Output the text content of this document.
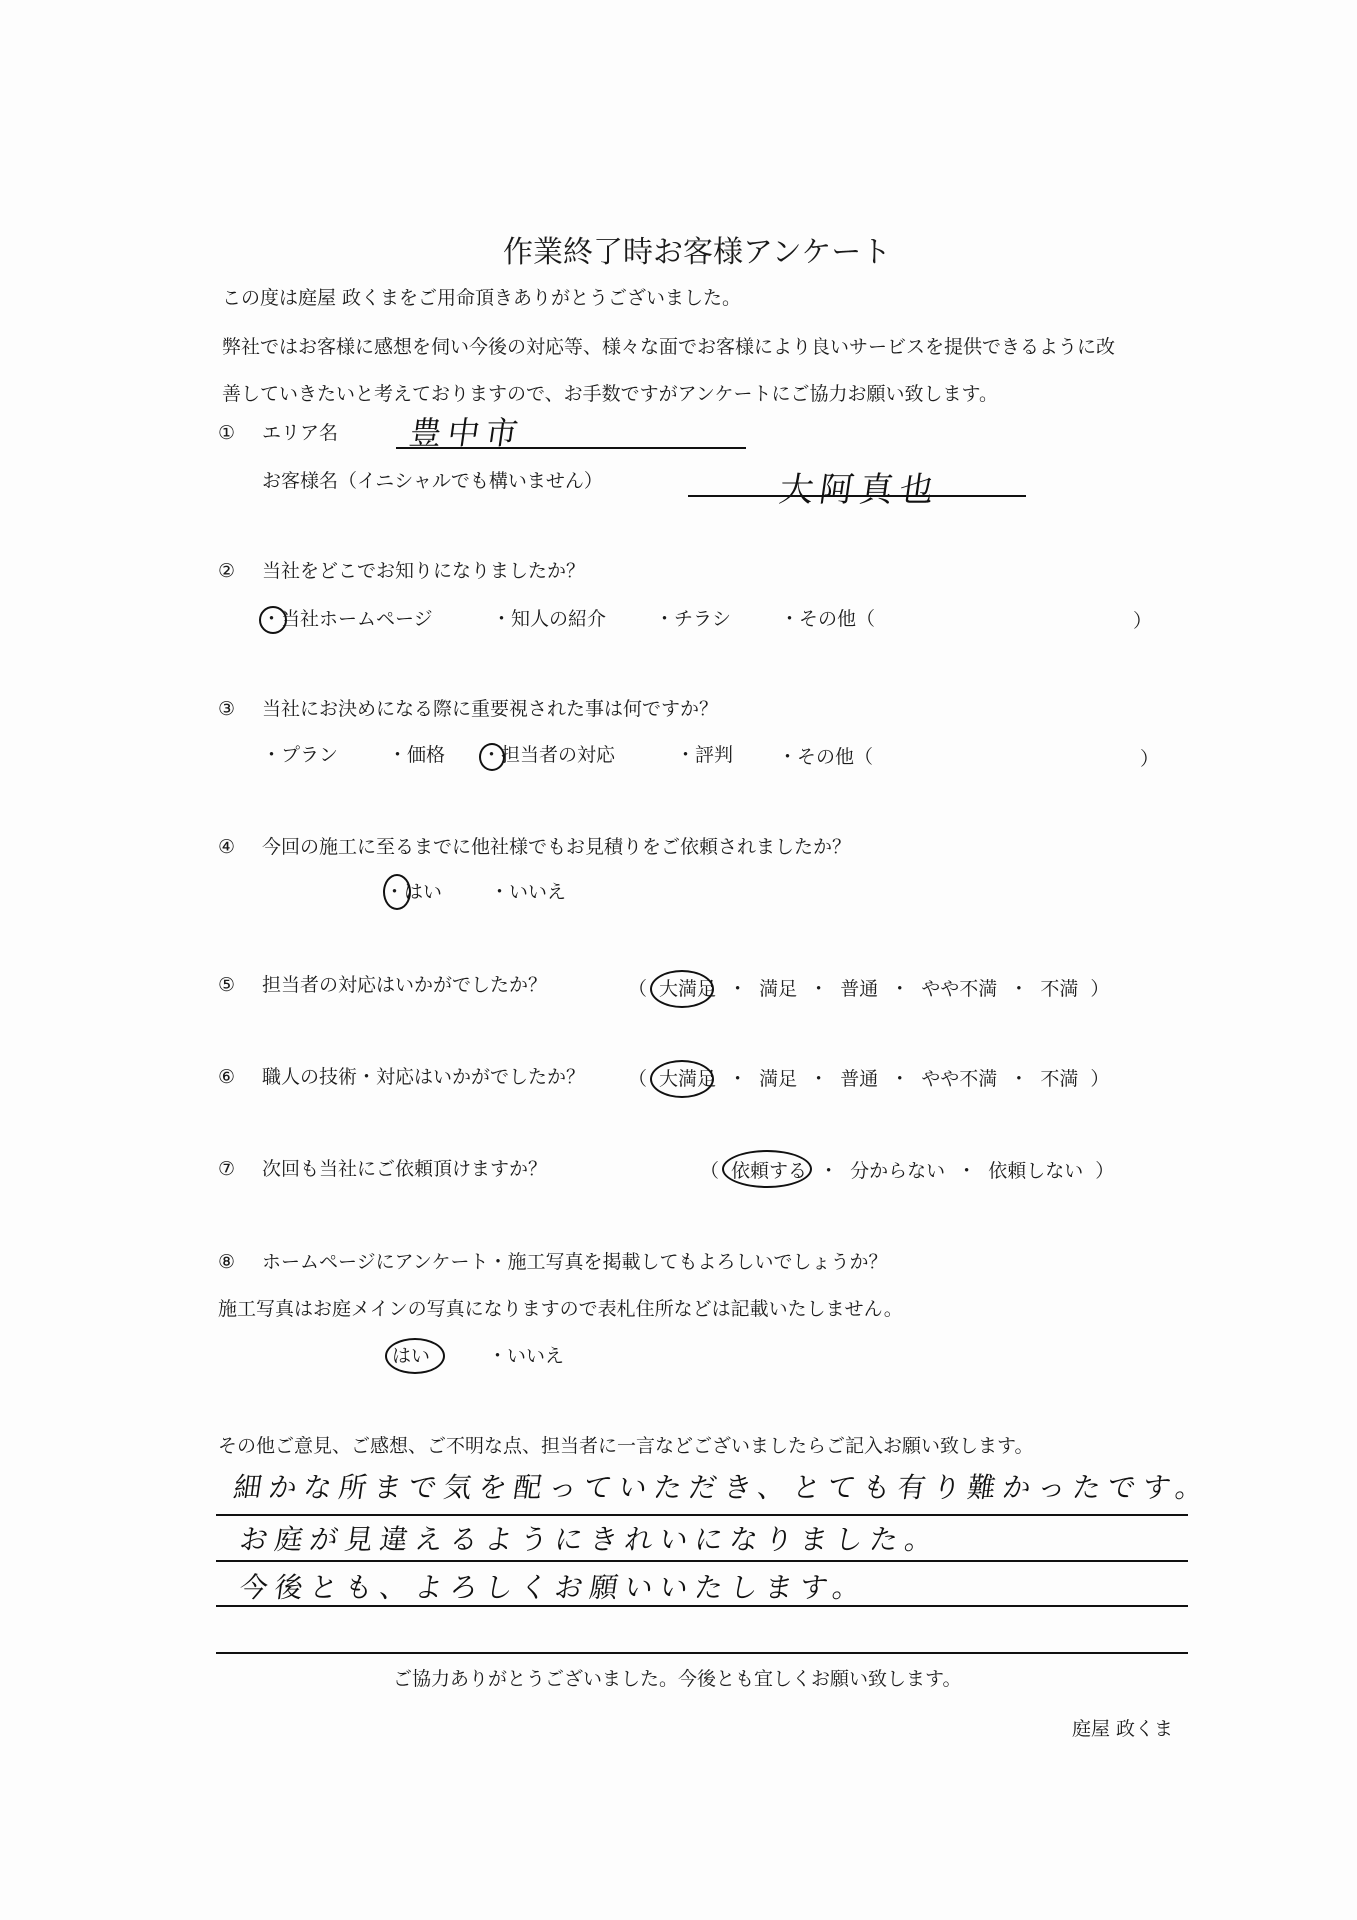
作業終了時お客様アンケート
この度は庭屋 政くまをご用命頂きありがとうございました。
弊社ではお客様に感想を伺い今後の対応等、様々な面でお客様により良いサービスを提供できるように改
善していきたいと考えておりますので、お手数ですがアンケートにご協力お願い致します。
① エリア名 豊中市
お客様名（イニシャルでも構いません）	大阿真也
② 当社をどこでお知りになりましたか？
・当社ホームページ	・知人の紹介	・チラシ	・その他（	）
③ 当社にお決めになる際に重要視された事は何ですか？
・プラン	・価格 ・担当者の対応	・評判 ・その他（	）
④ 今回の施工に至るまでに他社様でもお見積りをご依頼されましたか？
・はい	・いいえ
⑤ 担当者の対応はいかがでしたか？	（ 大満足 ・ 満足 ・ 普通 ・ やや不満 ・ 不満 ）
⑥ 職人の技術・対応はいかがでしたか？ （ 大満足 ・ 満足 ・ 普通 ・ やや不満 ・ 不満 ）
⑦ 次回も当社にご依頼頂けますか？	（ 依頼する ・ 分からない ・ 依頼しない ）
⑧ ホームページにアンケート・施工写真を掲載してもよろしいでしょうか？
施工写真はお庭メインの写真になりますので表札住所などは記載いたしません。
はい	・いいえ
その他ご意見、ご感想、ご不明な点、担当者に一言などございましたらご記入お願い致します。
細かな所まで気を配っていただき、とても有り難かったです。
お庭が見違えるようにきれいになりました。
今後とも、よろしくお願いいたします。
ご協力ありがとうございました。今後とも宜しくお願い致します。
庭屋 政くま
